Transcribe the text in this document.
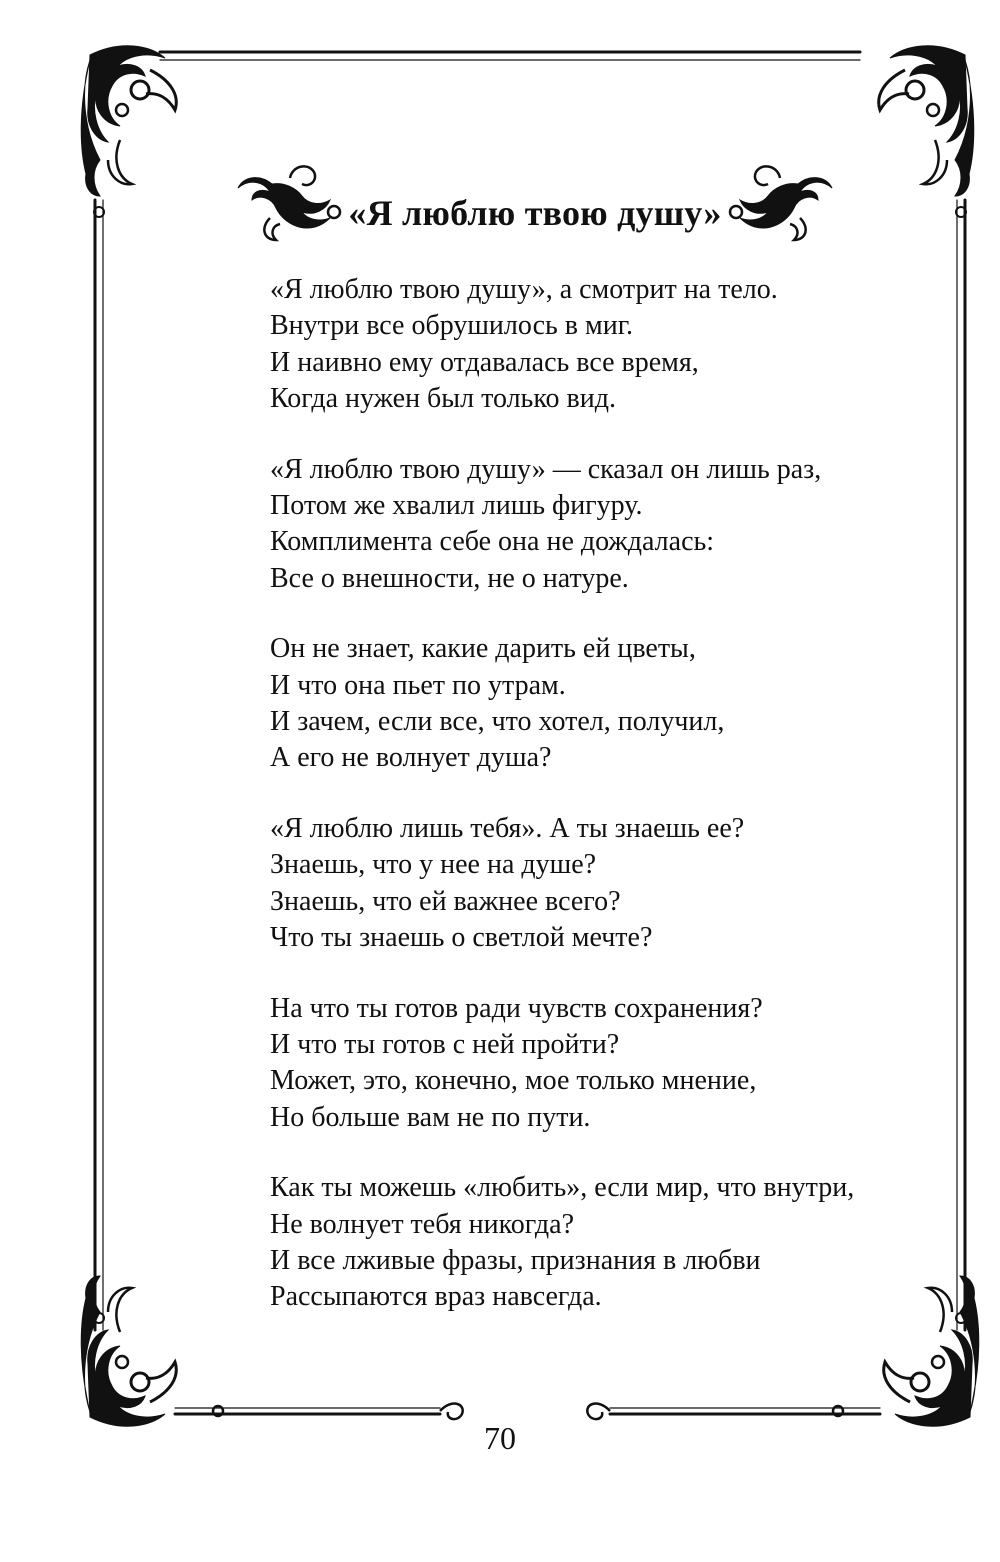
«Я люблю твою душу»
«Я люблю твою душу», а смотрит на тело.
Внутри все обрушилось в миг.
И наивно ему отдавалась все время,
Когда нужен был только вид.
«Я люблю твою душу» — сказал он лишь раз,
Потом же хвалил лишь фигуру.
Комплимента себе она не дождалась:
Все о внешности, не о натуре.
Он не знает, какие дарить ей цветы,
И что она пьет по утрам.
И зачем, если все, что хотел, получил,
А его не волнует душа?
«Я люблю лишь тебя». А ты знаешь ее?
Знаешь, что у нее на душе?
Знаешь, что ей важнее всего?
Что ты знаешь о светлой мечте?
На что ты готов ради чувств сохранения?
И что ты готов с ней пройти?
Может, это, конечно, мое только мнение,
Но больше вам не по пути.
Как ты можешь «любить», если мир, что внутри,
Не волнует тебя никогда?
И все лживые фразы, признания в любви
Рассыпаются враз навсегда.
70
